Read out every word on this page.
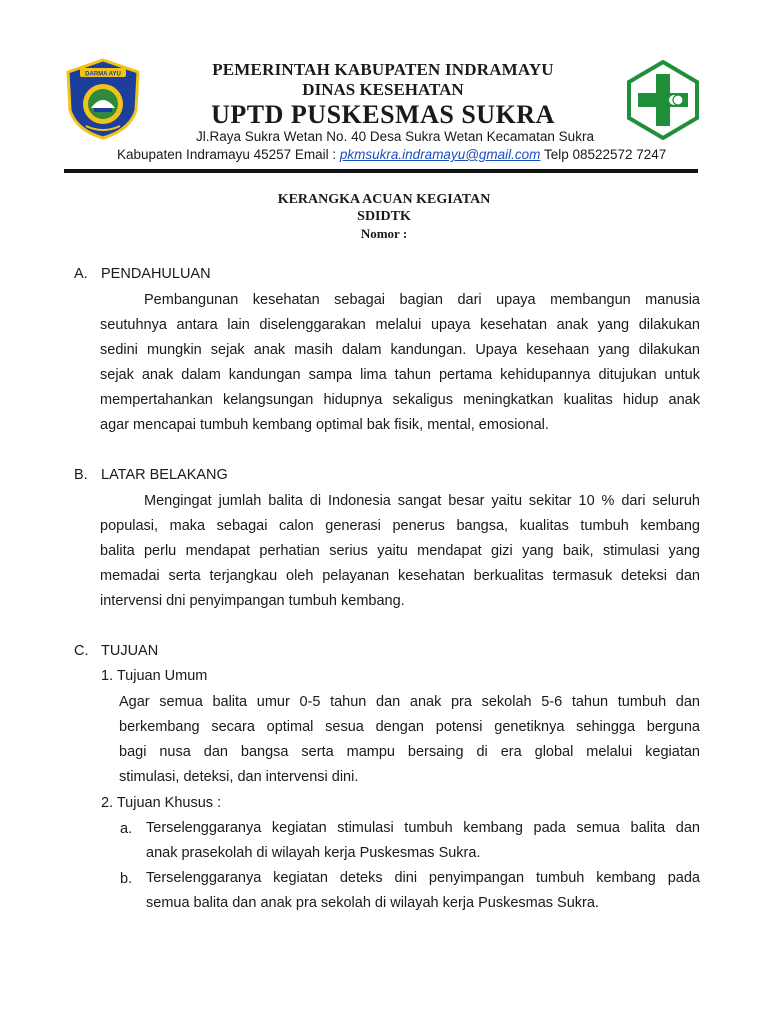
DARMA AYU	PEMERINTAH KABUPATEN INDRAMAYU
DINAS KESEHATAN
UPTD PUSKESMAS SUKRA
Jl.Raya Sukra Wetan No. 40 Desa Sukra Wetan Kecamatan Sukra
Kabupaten Indramayu 45257 Email : pkmsukra.indramayu@gmail.com Telp 08522572 7247
KERANGKA ACUAN KEGIATAN
SDIDTK
Nomor :
A. PENDAHULUAN
Pembangunan kesehatan sebagai bagian dari upaya membangun manusia
seutuhnya antara lain diselenggarakan melalui upaya kesehatan anak yang dilakukan
sedini mungkin sejak anak masih dalam kandungan. Upaya kesehaan yang dilakukan
sejak anak dalam kandungan sampa lima tahun pertama kehidupannya ditujukan untuk
mempertahankan kelangsungan hidupnya sekaligus meningkatkan kualitas hidup anak
agar mencapai tumbuh kembang optimal bak fisik, mental, emosional.
B. LATAR BELAKANG
Mengingat jumlah balita di Indonesia sangat besar yaitu sekitar 10 % dari seluruh
populasi, maka sebagai calon generasi penerus bangsa, kualitas tumbuh kembang
balita perlu mendapat perhatian serius yaitu mendapat gizi yang baik, stimulasi yang
memadai serta terjangkau oleh pelayanan kesehatan berkualitas termasuk deteksi dan
intervensi dni penyimpangan tumbuh kembang.
C. TUJUAN
1. Tujuan Umum
Agar semua balita umur 0-5 tahun dan anak pra sekolah 5-6 tahun tumbuh dan
berkembang secara optimal sesua dengan potensi genetiknya sehingga berguna
bagi nusa dan bangsa serta mampu bersaing di era global melalui kegiatan
stimulasi, deteksi, dan intervensi dini.
2. Tujuan Khusus :
a. Terselenggaranya kegiatan stimulasi tumbuh kembang pada semua balita dan
anak prasekolah di wilayah kerja Puskesmas Sukra.
b. Terselenggaranya kegiatan deteks dini penyimpangan tumbuh kembang pada
semua balita dan anak pra sekolah di wilayah kerja Puskesmas Sukra.
